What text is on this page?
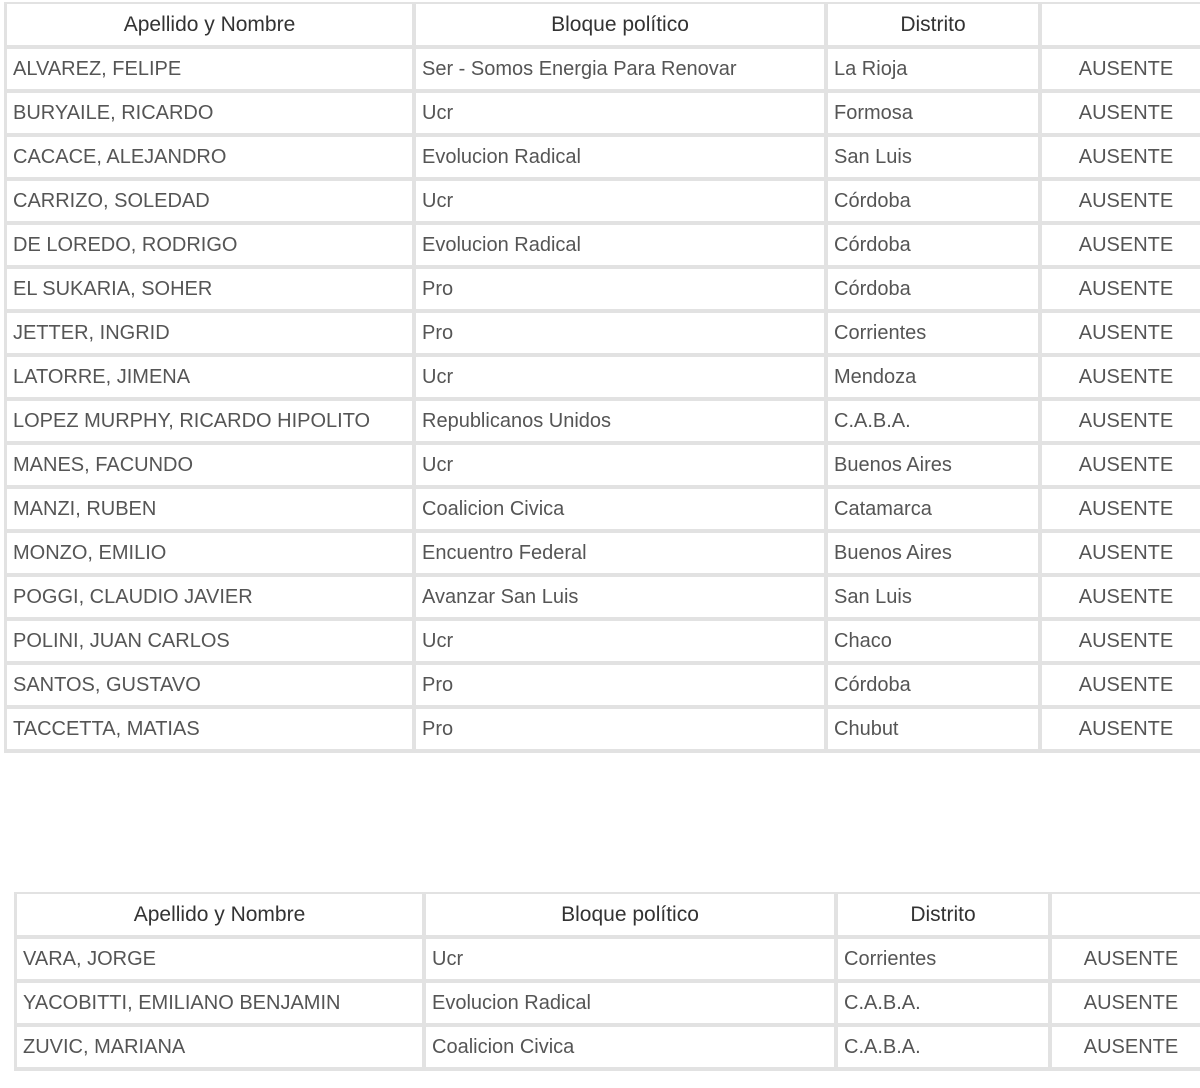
Apellido y Nombre	Bloque político	Distrito	
ALVAREZ, FELIPE	Ser - Somos Energia Para Renovar	La Rioja	AUSENTE
BURYAILE, RICARDO	Ucr	Formosa	AUSENTE
CACACE, ALEJANDRO	Evolucion Radical	San Luis	AUSENTE
CARRIZO, SOLEDAD	Ucr	Córdoba	AUSENTE
DE LOREDO, RODRIGO	Evolucion Radical	Córdoba	AUSENTE
EL SUKARIA, SOHER	Pro	Córdoba	AUSENTE
JETTER, INGRID	Pro	Corrientes	AUSENTE
LATORRE, JIMENA	Ucr	Mendoza	AUSENTE
LOPEZ MURPHY, RICARDO HIPOLITO	Republicanos Unidos	C.A.B.A.	AUSENTE
MANES, FACUNDO	Ucr	Buenos Aires	AUSENTE
MANZI, RUBEN	Coalicion Civica	Catamarca	AUSENTE
MONZO, EMILIO	Encuentro Federal	Buenos Aires	AUSENTE
POGGI, CLAUDIO JAVIER	Avanzar San Luis	San Luis	AUSENTE
POLINI, JUAN CARLOS	Ucr	Chaco	AUSENTE
SANTOS, GUSTAVO	Pro	Córdoba	AUSENTE
TACCETTA, MATIAS	Pro	Chubut	AUSENTE
Apellido y Nombre	Bloque político	Distrito	
VARA, JORGE	Ucr	Corrientes	AUSENTE
YACOBITTI, EMILIANO BENJAMIN	Evolucion Radical	C.A.B.A.	AUSENTE
ZUVIC, MARIANA	Coalicion Civica	C.A.B.A.	AUSENTE
